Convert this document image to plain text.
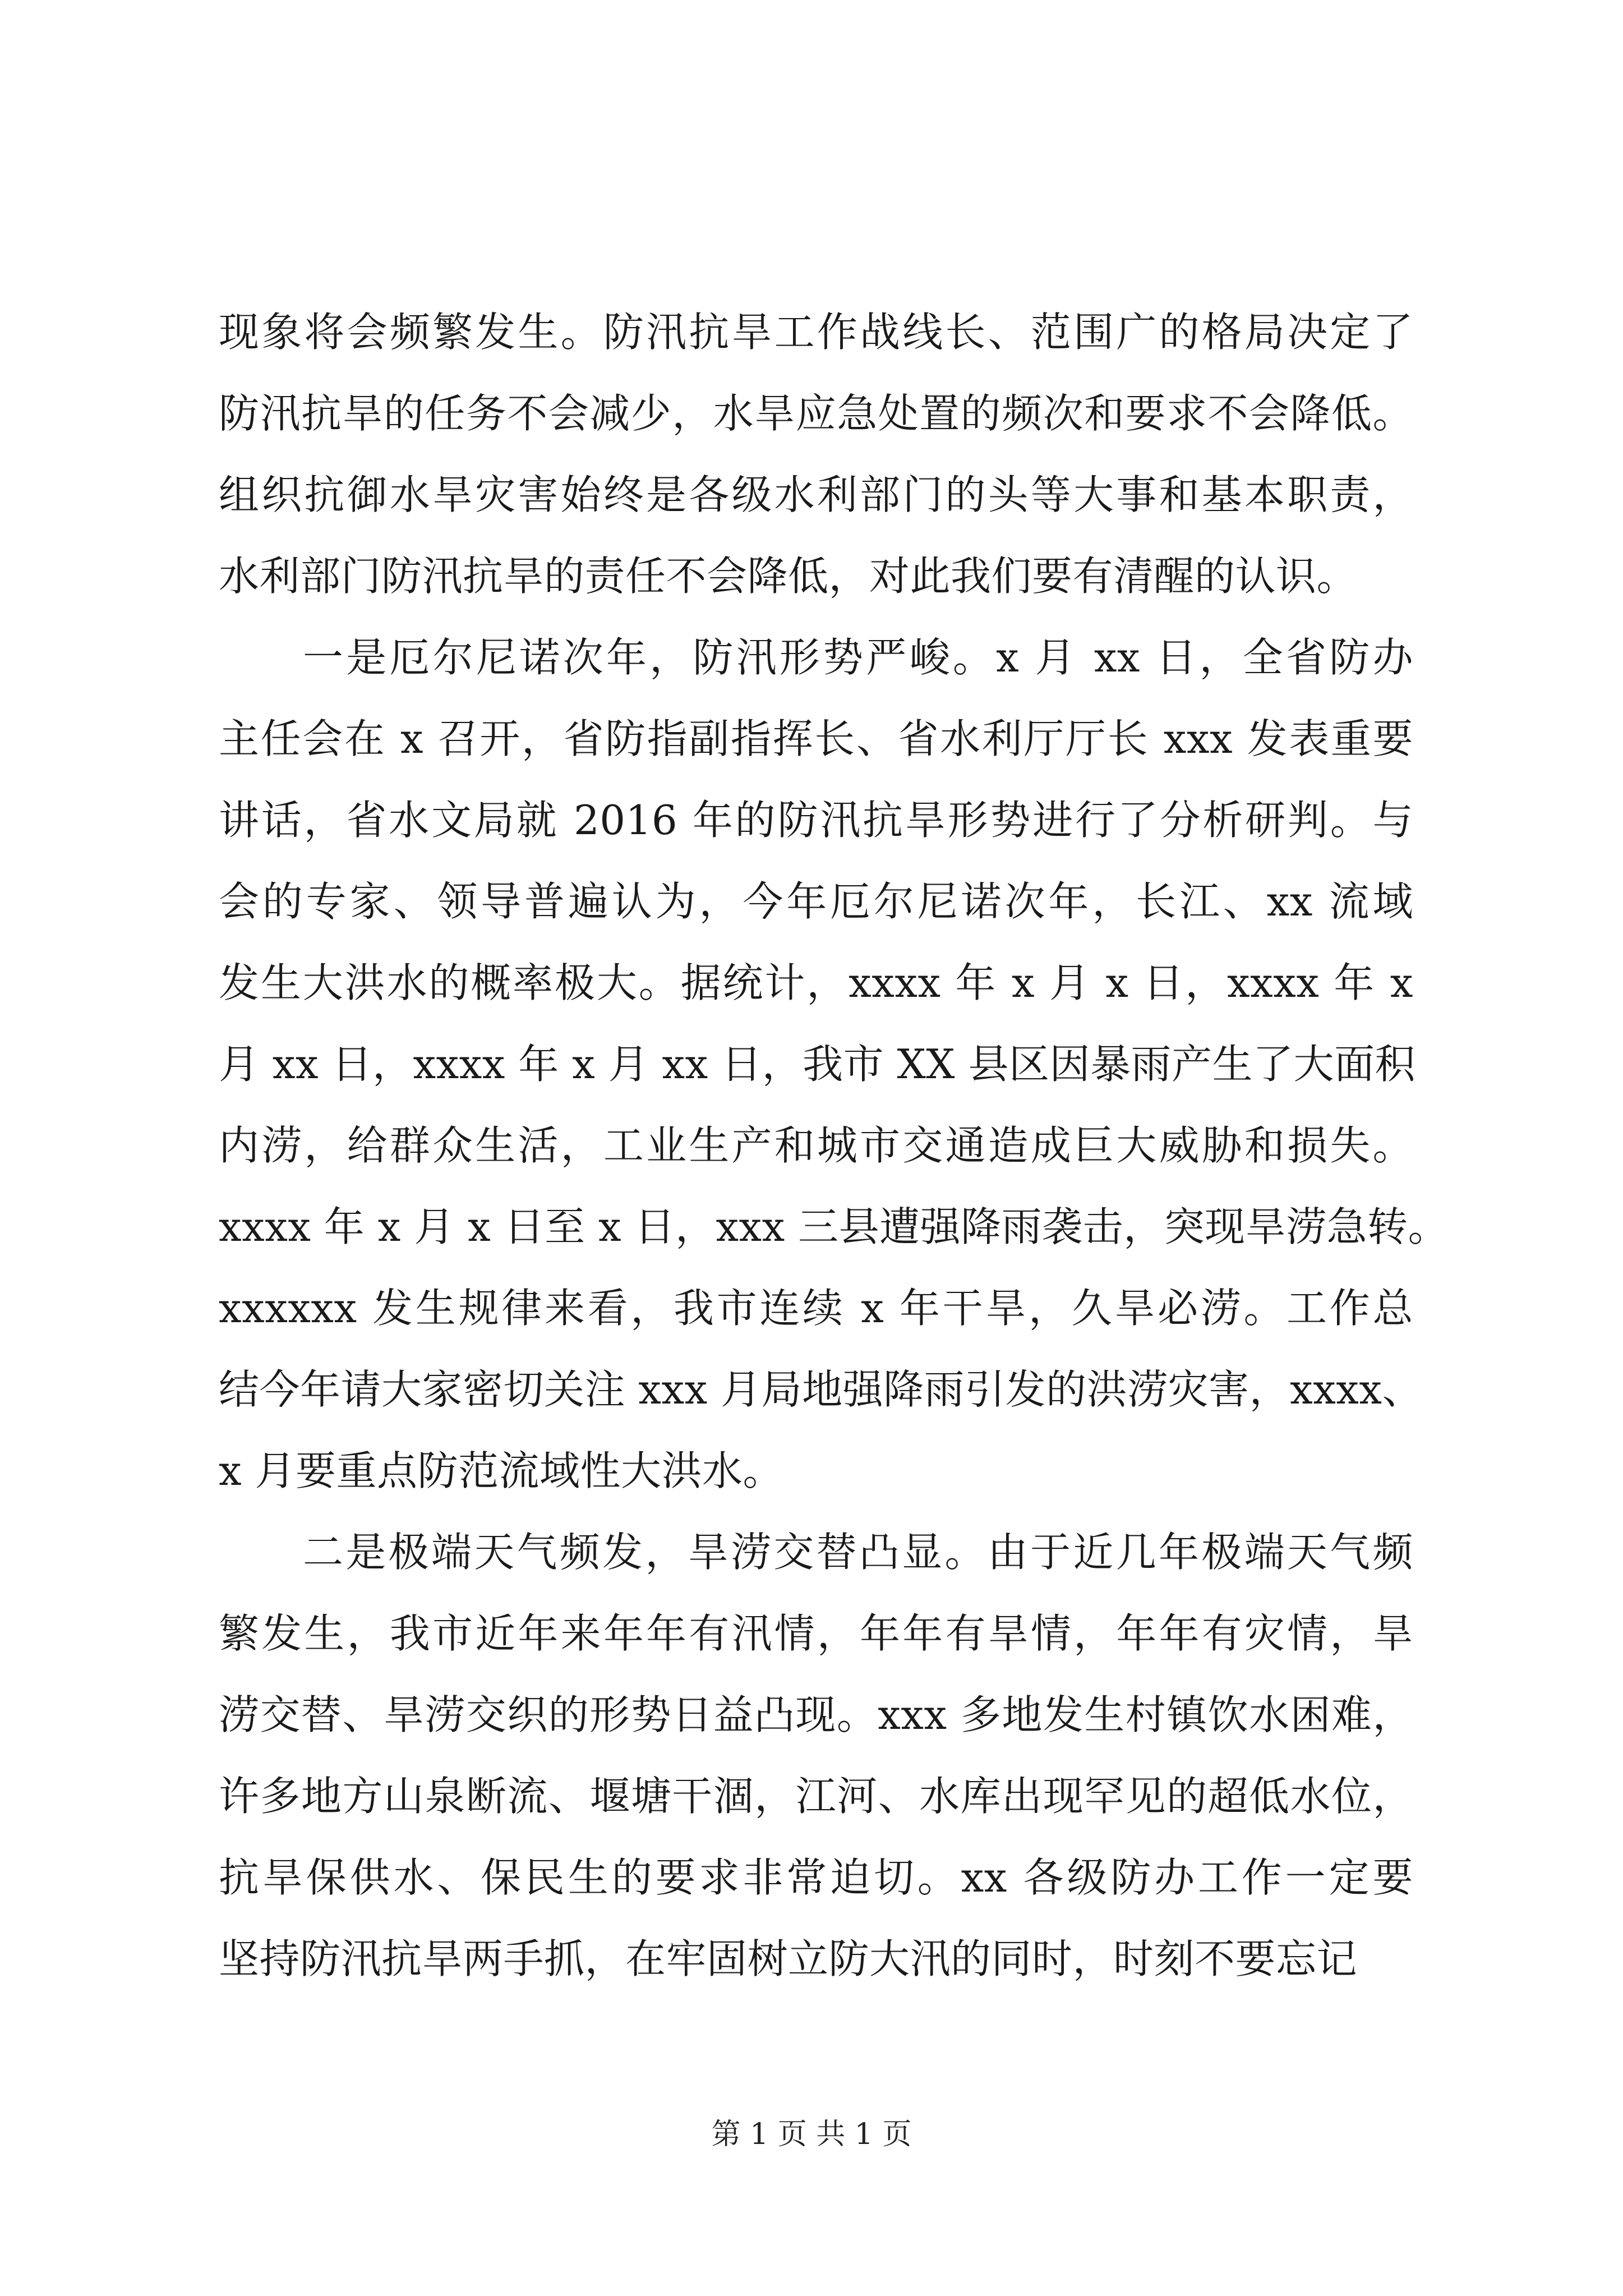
现象将会频繁发生。防汛抗旱工作战线长、范围广的格局决定了
防汛抗旱的任务不会减少，水旱应急处置的频次和要求不会降低。
组织抗御水旱灾害始终是各级水利部门的头等大事和基本职责，
水利部门防汛抗旱的责任不会降低，对此我们要有清醒的认识。
一是厄尔尼诺次年，防汛形势严峻。x 月 xx 日，全省防办
主任会在 x 召开，省防指副指挥长、省水利厅厅长 xxx 发表重要
讲话，省水文局就 2016 年的防汛抗旱形势进行了分析研判。与
会的专家、领导普遍认为，今年厄尔尼诺次年，长江、xx 流域
发生大洪水的概率极大。据统计，xxxx 年 x 月 x 日，xxxx 年 x
月 xx 日，xxxx 年 x 月 xx 日，我市 XX 县区因暴雨产生了大面积
内涝，给群众生活，工业生产和城市交通造成巨大威胁和损失。
xxxx 年 x 月 x 日至 x 日，xxx 三县遭强降雨袭击，突现旱涝急转。
xxxxxx 发生规律来看，我市连续 x 年干旱，久旱必涝。工作总
结今年请大家密切关注 xxx 月局地强降雨引发的洪涝灾害，xxxx、
x 月要重点防范流域性大洪水。
二是极端天气频发，旱涝交替凸显。由于近几年极端天气频
繁发生，我市近年来年年有汛情，年年有旱情，年年有灾情，旱
涝交替、旱涝交织的形势日益凸现。xxx 多地发生村镇饮水困难，
许多地方山泉断流、堰塘干涸，江河、水库出现罕见的超低水位，
抗旱保供水、保民生的要求非常迫切。xx 各级防办工作一定要
坚持防汛抗旱两手抓，在牢固树立防大汛的同时，时刻不要忘记
第 1 页 共 1 页
